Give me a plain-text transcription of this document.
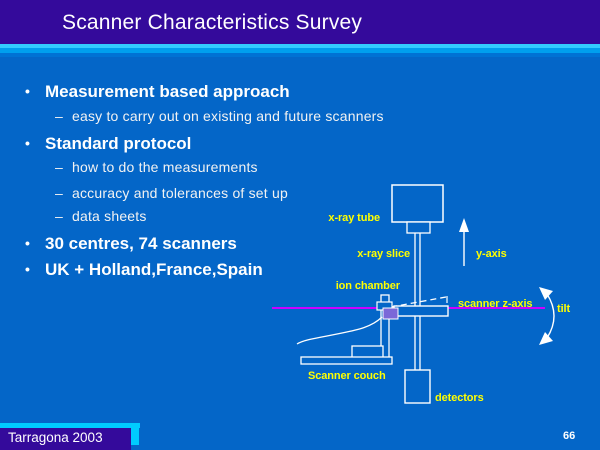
Scanner Characteristics Survey
• Measurement based approach
– easy to carry out on existing and future scanners
• Standard protocol
– how to do the measurements
– accuracy and tolerances of set up
– data sheets
• 30 centres, 74 scanners
• UK + Holland,France,Spain
x-ray tube
x-ray slice
ion chamber
y-axis
scanner z-axis tilt
Scanner couch
detectors
Tarragona 2003	66
